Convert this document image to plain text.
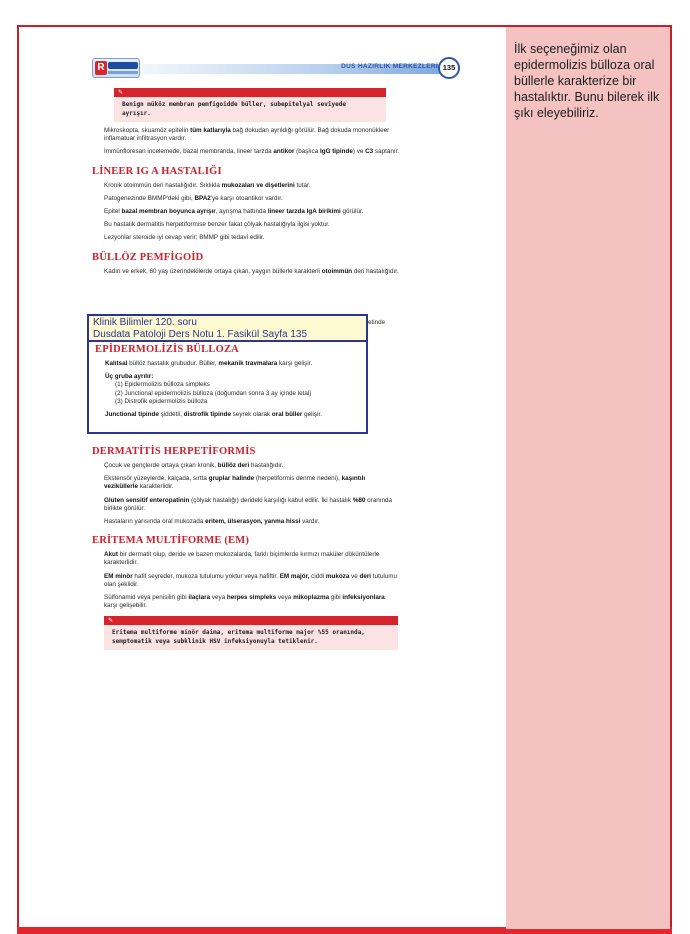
İlk seçeneğimiz olan epidermolizis bülloza oral büllerle karakterize bir hastalıktır. Bunu bilerek ilk şıkı eleyebiliriz.
R	DUS HAZIRLIK MERKEZLERİ 135
✎
Benign müköz membran pemfigoidde büller, subepitelyal seviyede ayrışır.
Mikroskopta, skuamöz epitelin tüm katlarıyla bağ dokudan ayrıldığı görülür. Bağ dokuda mononükleer inflamatuar infiltrasyon vardır.
İmmünfloresan incelemede, bazal membranda, lineer tarzda antikor (başlıca IgG tipinde) ve C3 saptanır.
LİNEER IG A HASTALIĞI
Kronik otoimmün deri hastalığıdır. Sıklıkla mukozaları ve dişetlerini tutar.
Patogenezinde BMMP'deki gibi, BPA2'ye karşı otoantikor vardır.
Epitel bazal membran boyunca ayrışır, ayrışma hattında lineer tarzda IgA birikimi görülür.
Bu hastalık dermatitis herpetiformise benzer fakat çölyak hastalığıyla ilgisi yoktur.
Lezyonlar steroide iyi cevap verir; BMMP gibi tedavi edilir.
BÜLLÖZ PEMFİGOİD
Kadın ve erkek, 60 yaş üzerindekilerde ortaya çıkan, yaygın büllerle karakterli otoimmün deri hastalığıdır.
etinde
Klinik Bilimler 120. soru
Dusdata Patoloji Ders Notu 1. Fasikül Sayfa 135
EPİDERMOLİZİS BÜLLOZA
Kalıtsal büllöz hastalık grubudur. Büller, mekanik travmalara karşı gelişir.
Üç gruba ayrılır:
(1) Epidermolizis bülloza simpleks
(2) Junctional epidermolizis bülloza (doğumdan sonra 3 ay içinde letal)
(3) Distrofik epidermolizis bülloza
Junctional tipinde şiddetli, distrofik tipinde seyrek olarak oral büller gelişir.
DERMATİTİS HERPETİFORMİS
Çocuk ve gençlerde ortaya çıkan kronik, büllöz deri hastalığıdır.
Ekstensör yüzeylerde, kalçada, sırtta gruplar halinde (herpetiformis denme nedeni), kaşıntılı veziküllerle karakterlidir.
Gluten sensitif enteropatinin (çölyak hastalığı) derideki karşılığı kabul edilir. İki hastalık %80 oranında birlikte görülür.
Hastaların yarısında oral mukozada eritem, ülserasyon, yanma hissi vardır.
ERİTEMA MULTİFORME (EM)
Akut bir dermatit olup, deride ve bazen mukozalarda, farklı biçimlerde kırmızı maküler döküntülerle karakterlidir.
EM minör hafif seyreder, mukoza tutulumu yoktur veya hafiftir. EM majör, ciddi mukoza ve deri tutulumu olan şeklidir.
Sülfonamid veya penisilin gibi ilaçlara veya herpes simpleks veya mikoplazma gibi infeksiyonlara karşı gelişebilir.
✎
Eritema multiforme minör daima, eritema multiforme major %55 oranında, semptomatik veya subklinik HSV infeksiyonuyla tetiklenir.
